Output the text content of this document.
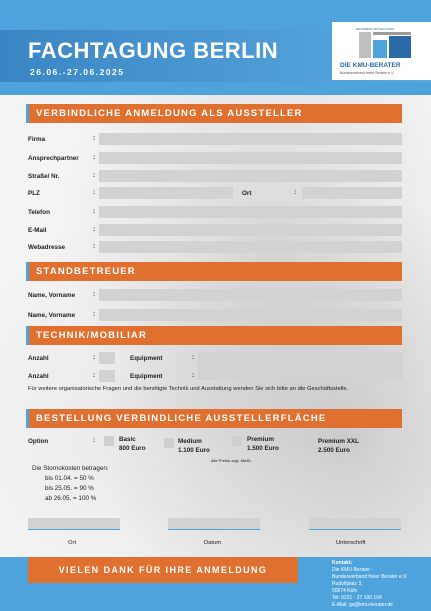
FACHTAGUNG BERLIN
26.06.-27.06.2025
NETZWERK MITTELSTAND
DIE KMU-BERATER
Bundesverband freier Berater e.V.
VERBINDLICHE ANMELDUNG ALS AUSSTELLER
Firma	:
Ansprechpartner :
Straße/ Nr.	:
PLZ	:	Ort	:
Telefon	:
E-Mail	:
Webadresse	:
STANDBETREUER
Name, Vorname	:
Name, Vorname	:
TECHNIK/MOBILIAR
Anzahl	:	Equipment	:
Anzahl	:	Equipment	:
Für weitere organisatorische Fragen und die benötigte Technik und Ausstattung wenden Sie sich bitte an die Geschäftsstelle.
BESTELLUNG VERBINDLICHE AUSSTELLERFLÄCHE
Option	:	Basic
800 Euro
Medium
1.100 Euro
Premium
1.500 Euro
Premium XXL
2.500 Euro
Alle Preise zzgl. MwSt.
Die Stornokosten betragen:
bis 01.04. = 50 %
bis 25.05. = 90 %
ab 26.05. = 100 %
Ort	Datum	Unterschrift
VIELEN DANK FÜR IHRE ANMELDUNG
Kontakt:
Die KMU-Berater -
Bundesverband freier Berater e.V.
Rudolfplatz 3,
50674 Köln
Tel: 0221 - 27 100 104
E-Mail: gs@kmu-berater.de
